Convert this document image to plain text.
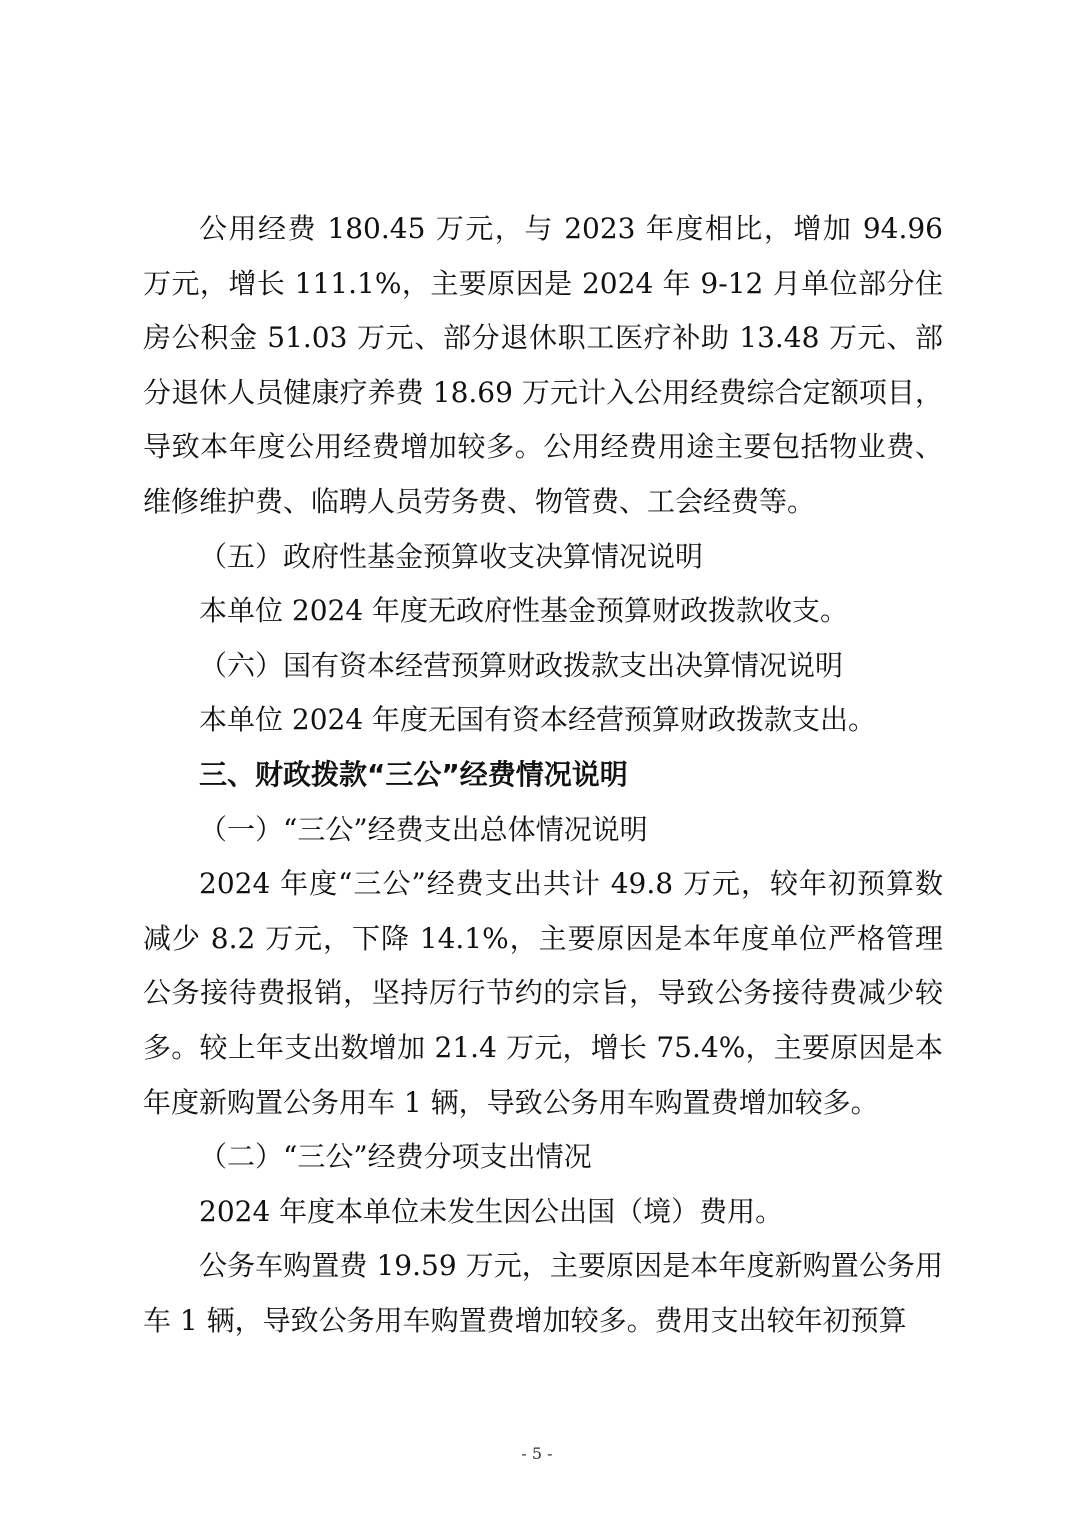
公用经费 180.45 万元，与 2023 年度相比，增加 94.96 万元，增长 111.1%，主要原因是 2024 年 9-12 月单位部分住房公积金 51.03 万元、部分退休职工医疗补助 13.48 万元、部分退休人员健康疗养费 18.69 万元计入公用经费综合定额项目，导致本年度公用经费增加较多。公用经费用途主要包括物业费、维修维护费、临聘人员劳务费、物管费、工会经费等。

（五）政府性基金预算收支决算情况说明

本单位 2024 年度无政府性基金预算财政拨款收支。

（六）国有资本经营预算财政拨款支出决算情况说明

本单位 2024 年度无国有资本经营预算财政拨款支出。

三、财政拨款“三公”经费情况说明

（一）“三公”经费支出总体情况说明

2024 年度“三公”经费支出共计 49.8 万元，较年初预算数减少 8.2 万元，下降 14.1%，主要原因是本年度单位严格管理公务接待费报销，坚持厉行节约的宗旨，导致公务接待费减少较多。较上年支出数增加 21.4 万元，增长 75.4%，主要原因是本年度新购置公务用车 1 辆，导致公务用车购置费增加较多。

（二）“三公”经费分项支出情况

2024 年度本单位未发生因公出国（境）费用。

公务车购置费 19.59 万元，主要原因是本年度新购置公务用车 1 辆，导致公务用车购置费增加较多。费用支出较年初预算

- 5 -
